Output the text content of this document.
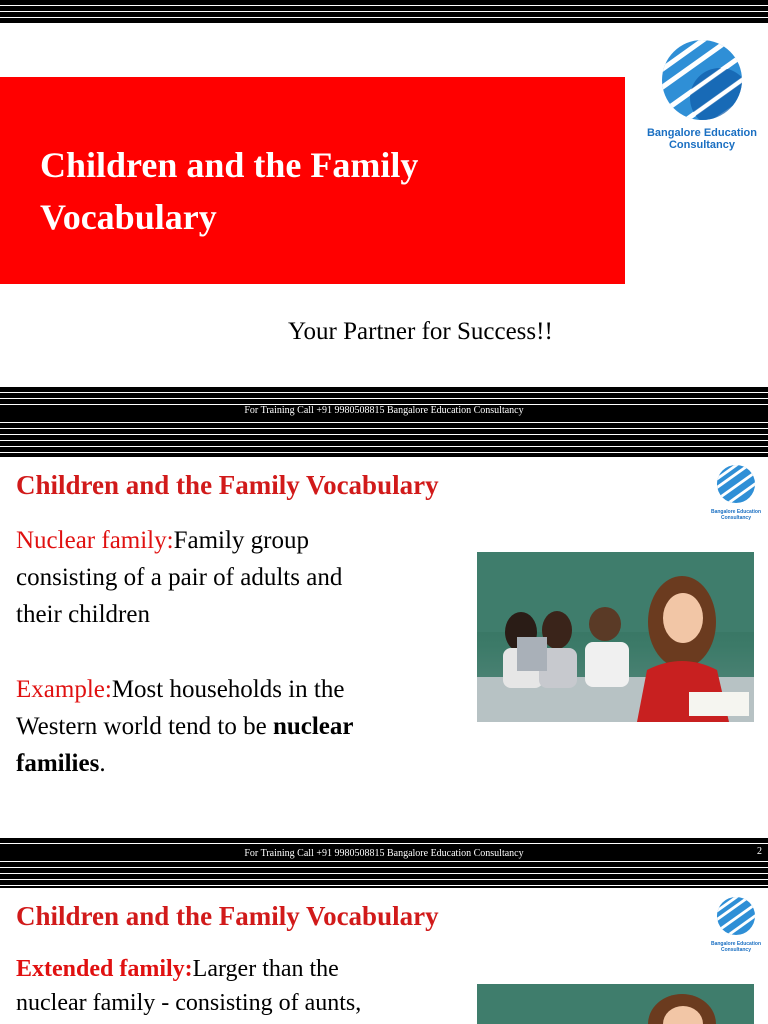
Children and the Family
Vocabulary
Bangalore Education
Consultancy
Your Partner for Success!!
For Training Call +91 9980508815 Bangalore Education Consultancy
Children and the Family Vocabulary
Bangalore Education
Consultancy
Nuclear family:Family group
consisting of a pair of adults and
their children
Example:Most households in the
Western world tend to be nuclear
families.
For Training Call +91 9980508815 Bangalore Education Consultancy	2
Children and the Family Vocabulary
Bangalore Education
Consultancy
Extended family:Larger than the
nuclear family - consisting of aunts,
